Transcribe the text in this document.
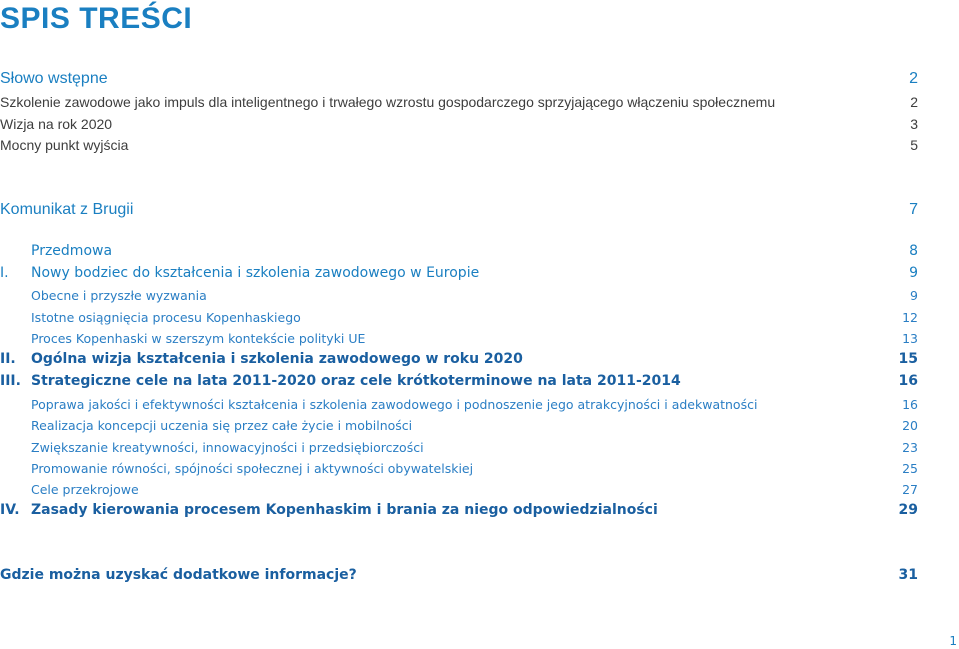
SPIS TREŚCI
Słowo wstępne	2
Szkolenie zawodowe jako impuls dla inteligentnego i trwałego wzrostu gospodarczego sprzyjającego włączeniu społecznemu	2
Wizja na rok 2020	3
Mocny punkt wyjścia	5
Komunikat z Brugii	7
Przedmowa	8
I.	Nowy bodziec do kształcenia i szkolenia zawodowego w Europie	9
Obecne i przyszłe wyzwania	9
Istotne osiągnięcia procesu Kopenhaskiego	12
Proces Kopenhaski w szerszym kontekście polityki UE	13
II.	Ogólna wizja kształcenia i szkolenia zawodowego w roku 2020	15
III. Strategiczne cele na lata 2011-2020 oraz cele krótkoterminowe na lata 2011-2014	16
Poprawa jakości i efektywności kształcenia i szkolenia zawodowego i podnoszenie jego atrakcyjności i adekwatności	16
Realizacja koncepcji uczenia się przez całe życie i mobilności	20
Zwiększanie kreatywności, innowacyjności i przedsiębiorczości	23
Promowanie równości, spójności społecznej i aktywności obywatelskiej	25
Cele przekrojowe	27
IV. Zasady kierowania procesem Kopenhaskim i brania za niego odpowiedzialności	29
Gdzie można uzyskać dodatkowe informacje?	31
1
